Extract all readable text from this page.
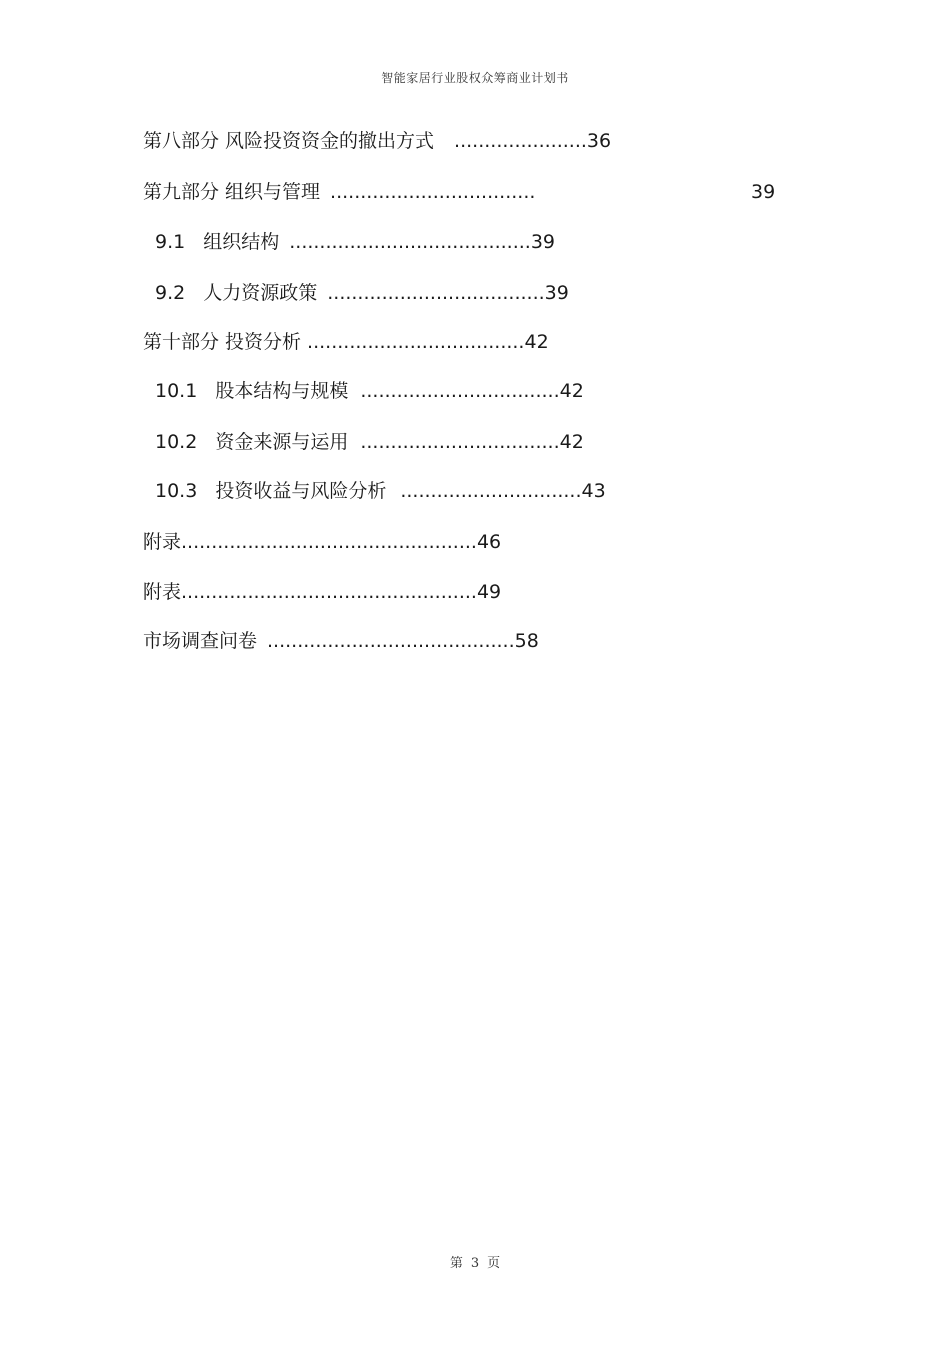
智能家居行业股权众筹商业计划书
第八部分 风险投资资金的撤出方式 ......................36
第九部分 组织与管理 ..................................	39
9.1 组织结构 ........................................39
9.2 人力资源政策 ....................................39
第十部分 投资分析 ....................................42
10.1 股本结构与规模 .................................42
10.2 资金来源与运用 .................................42
10.3 投资收益与风险分析 ..............................43
附录.................................................46
附表.................................................49
市场调查问卷 .........................................58
第 3 页
